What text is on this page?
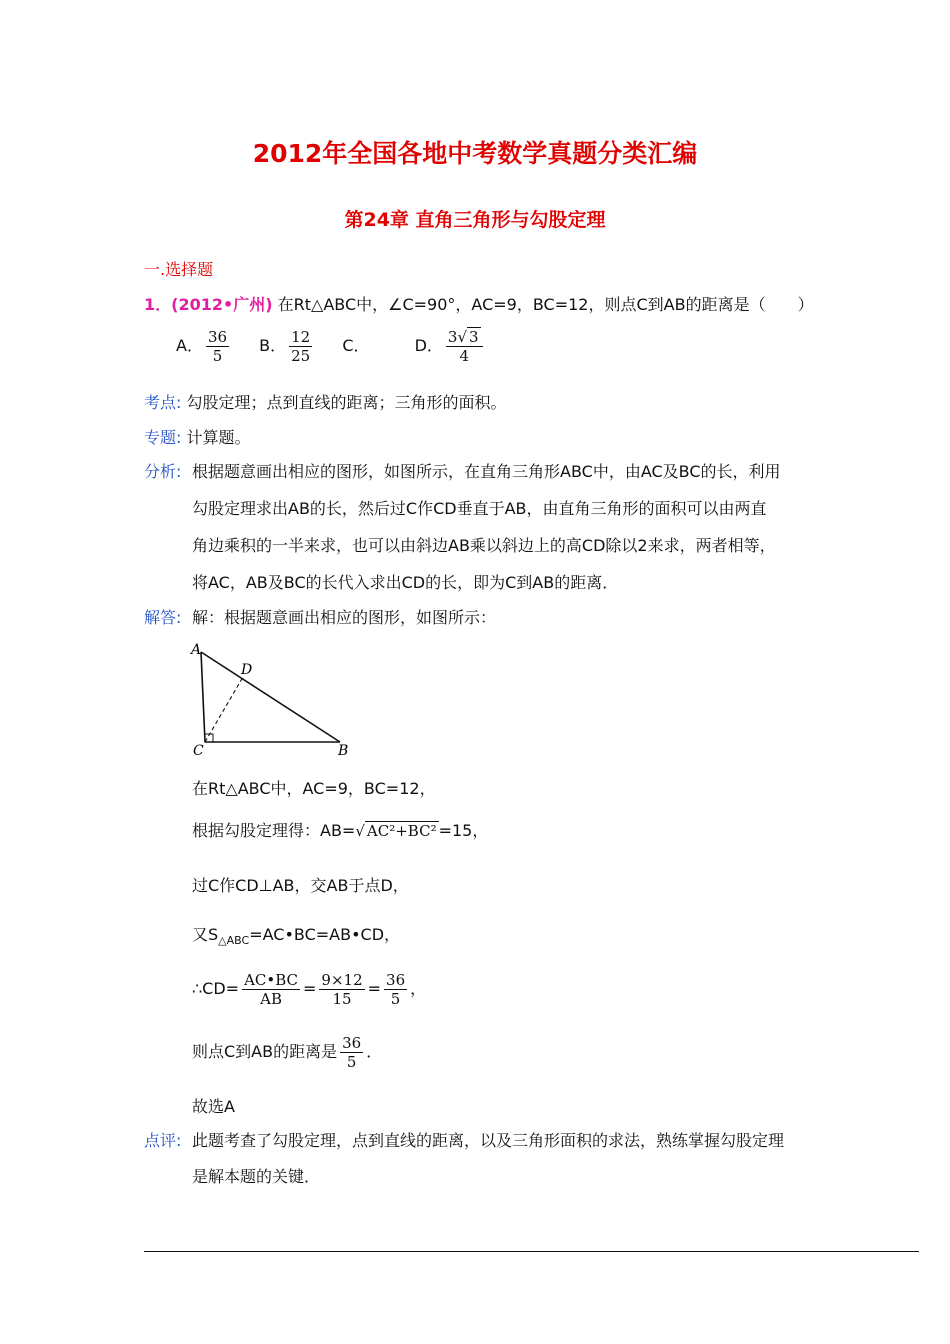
2012年全国各地中考数学真题分类汇编
第24章 直角三角形与勾股定理
一.选择题
1．(2012•广州) 在Rt△ABC中，∠C=90°，AC=9，BC=12，则点C到AB的距离是（　　）
A． $\frac{36}{5}$ B． $\frac{12}{25}$ C．	D． $\frac{3√ 3}{4}$
考点: 勾股定理；点到直线的距离；三角形的面积。
专题: 计算题。
分析: 根据题意画出相应的图形，如图所示，在直角三角形ABC中，由AC及BC的长，利用
勾股定理求出AB的长，然后过C作CD垂直于AB，由直角三角形的面积可以由两直
角边乘积的一半来求，也可以由斜边AB乘以斜边上的高CD除以2来求，两者相等，
将AC，AB及BC的长代入求出CD的长，即为C到AB的距离．
解答: 解：根据题意画出相应的图形，如图所示：
A
D
C	B
在Rt△ABC中，AC=9，BC=12，
根据勾股定理得：AB=√ AC²+BC² =15，
过C作CD⊥AB，交AB于点D，
又$S_{\triangle ABC}=AC•BC=AB•CD$，
∴CD= $\frac{AC•BC}{AB} = \frac{9\times 12}{15} = \frac{36}{5}$ ，
则点C到AB的距离是 $\frac{36}{5}$ ．
故选A
点评: 此题考查了勾股定理，点到直线的距离，以及三角形面积的求法，熟练掌握勾股定理
是解本题的关键．
